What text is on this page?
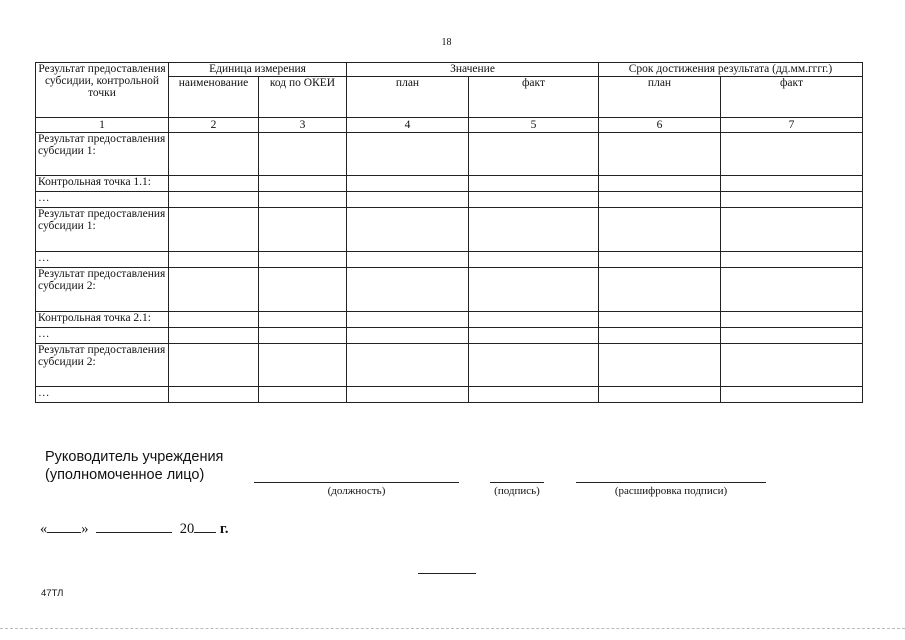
18
Результат предоставления субсидии, контрольной точки	Единица измерения		Значение		Срок достижения результата (дд.мм.гггг.)	
	наименование	код по ОКЕИ	план	факт	план	факт
1	2	3	4	5	6	7
Результат предоставления субсидии 1:						
Контрольная точка 1.1:						
…						
Результат предоставления субсидии 1:						
…						
Результат предоставления субсидии 2:						
Контрольная точка 2.1:						
…						
Результат предоставления субсидии 2:						
…						
Руководитель учреждения
(уполномоченное лицо)
(должность)	(подпись)	(расшифровка подписи)
« »	20 г.
47ТЛ
